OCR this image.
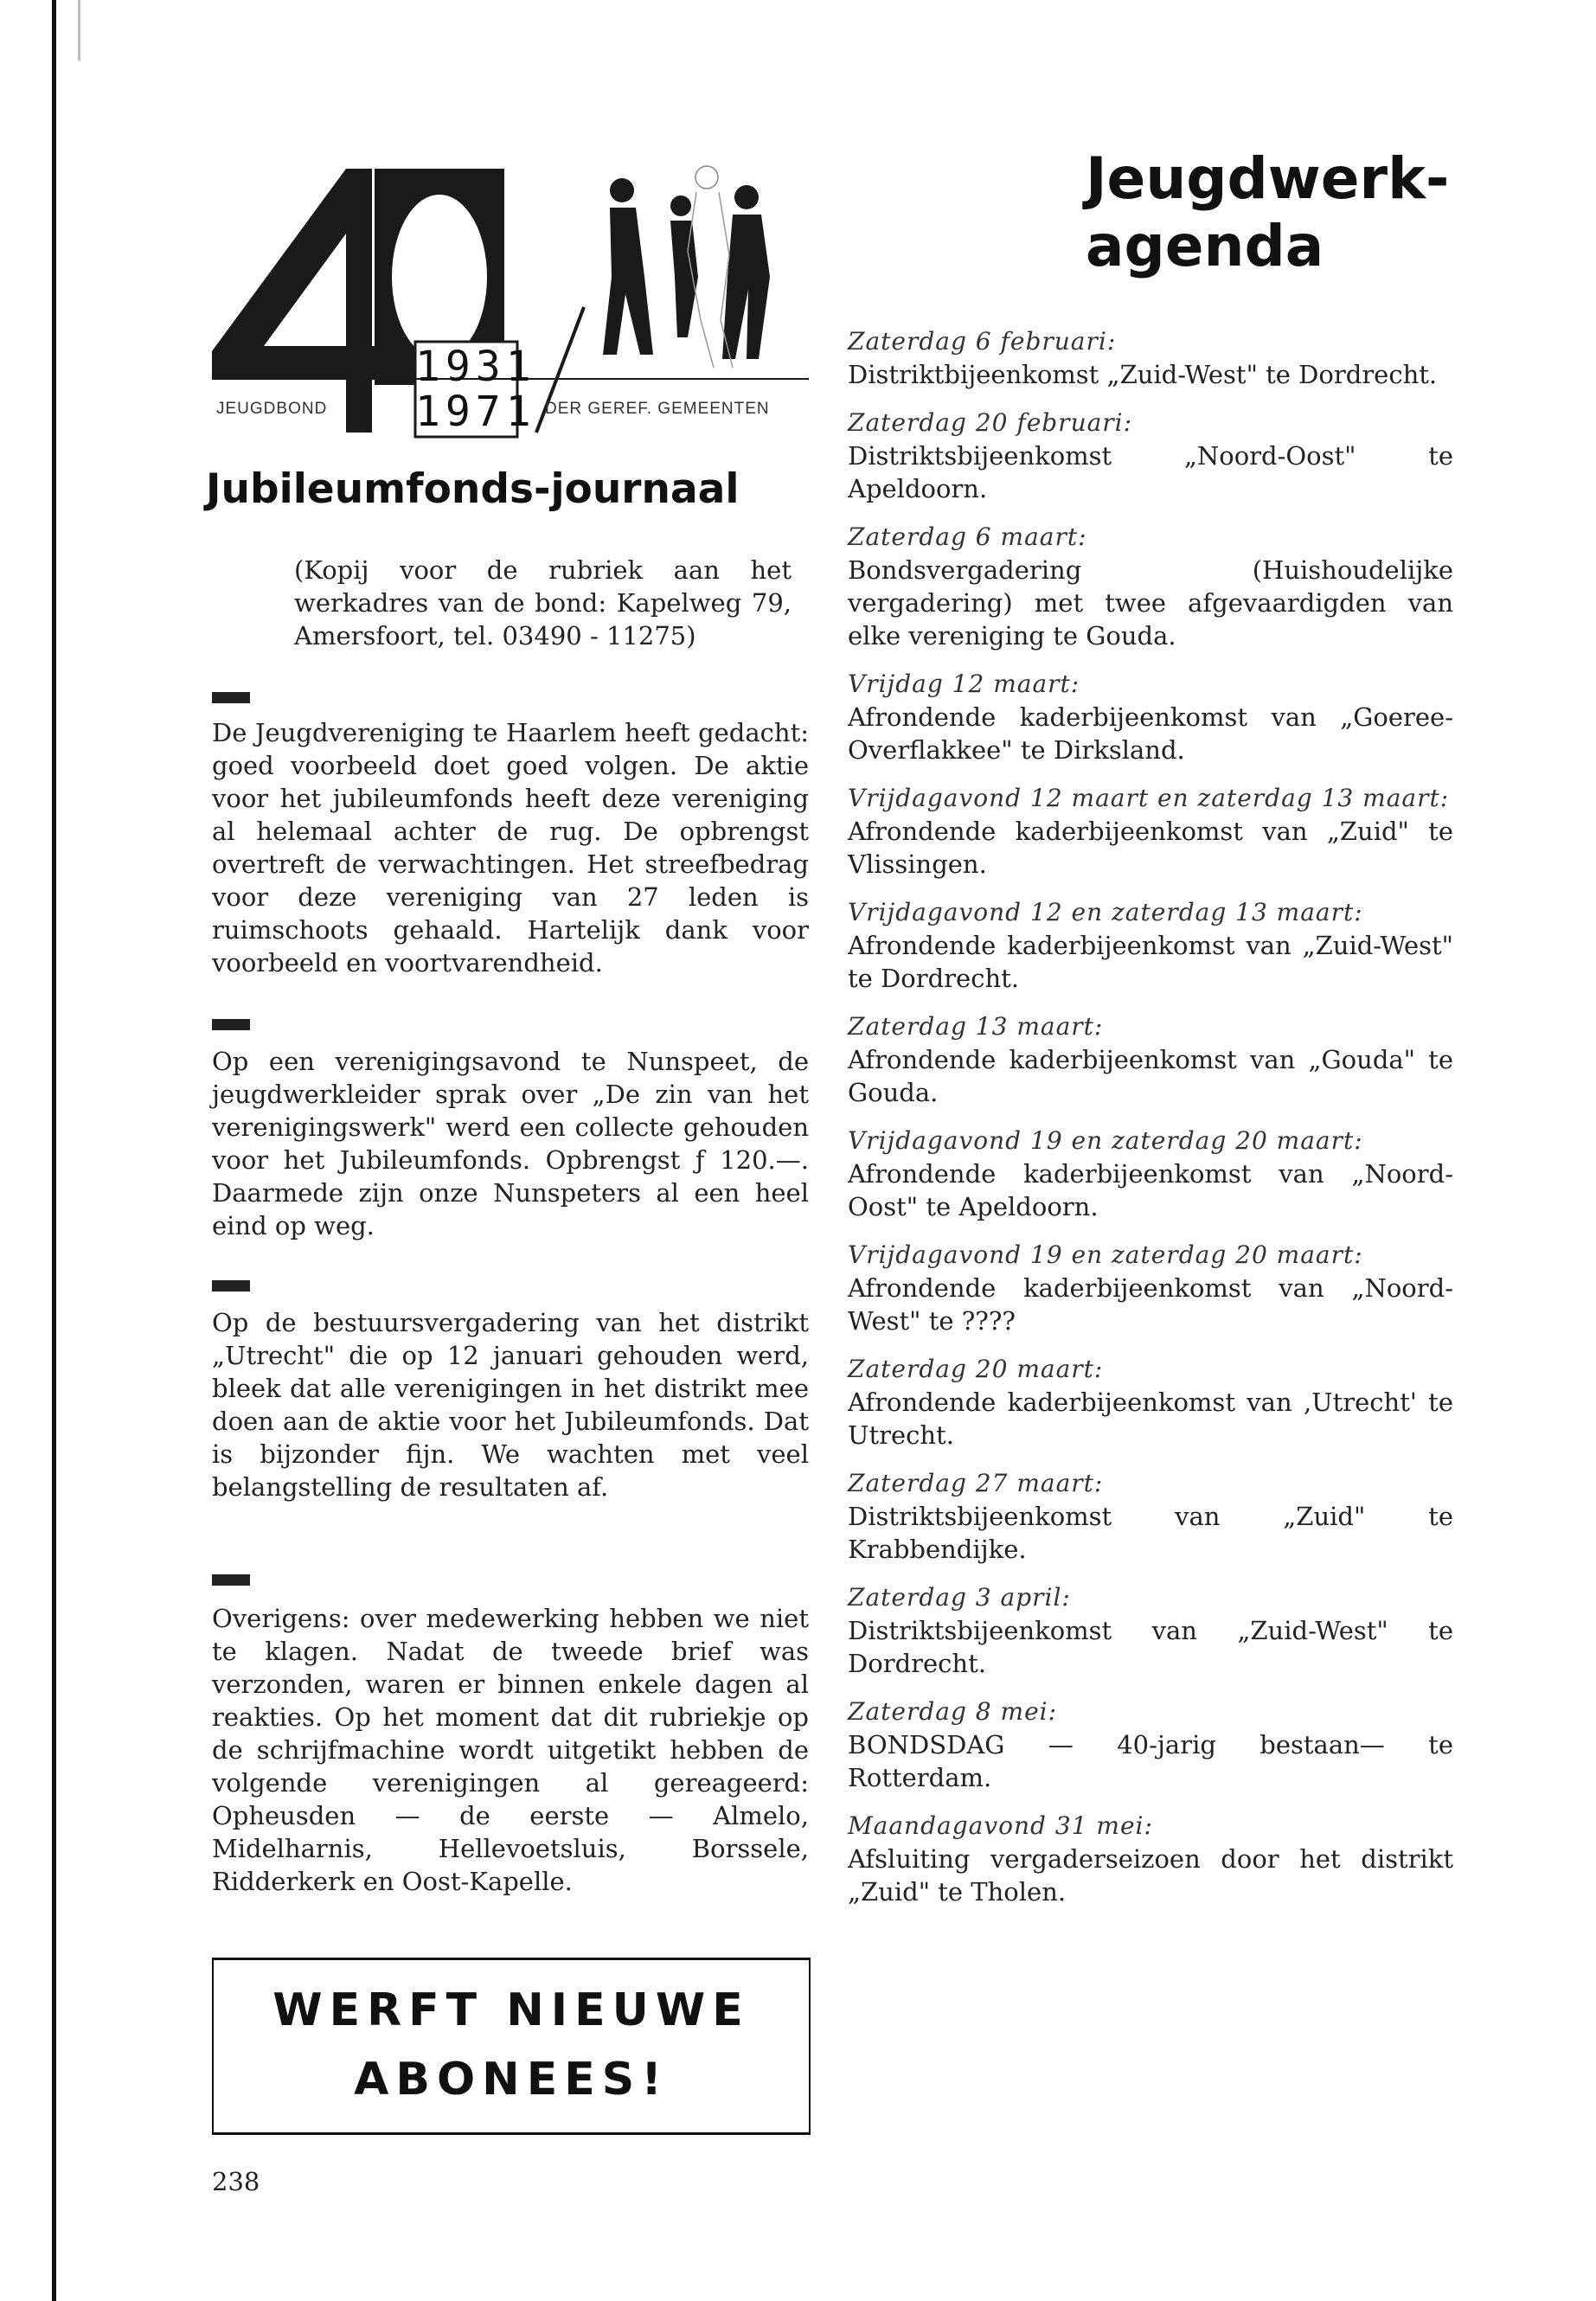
JEUGDBOND
1931
1971 DER GEREF. GEMEENTEN
Jeugdwerk-
agenda
Jubileumfonds-journaal
(Kopij voor de rubriek aan het werkadres van de bond: Kapelweg 79, Amersfoort, tel. 03490 - 11275)

De Jeugdvereniging te Haarlem heeft gedacht: goed voorbeeld doet goed volgen. De aktie voor het jubileumfonds heeft deze vereniging al helemaal achter de rug. De opbrengst overtreft de verwachtingen. Het streefbedrag voor deze vereniging van 27 leden is ruimschoots gehaald. Hartelijk dank voor voorbeeld en voortvarendheid.

Op een verenigingsavond te Nunspeet, de jeugdwerkleider sprak over „De zin van het verenigingswerk" werd een collecte gehouden voor het Jubileumfonds. Opbrengst ƒ 120.—. Daarmede zijn onze Nunspeters al een heel eind op weg.

Op de bestuursvergadering van het distrikt „Utrecht" die op 12 januari gehouden werd, bleek dat alle verenigingen in het distrikt mee doen aan de aktie voor het Jubileumfonds. Dat is bijzonder fijn. We wachten met veel belangstelling de resultaten af.

Overigens: over medewerking hebben we niet te klagen. Nadat de tweede brief was verzonden, waren er binnen enkele dagen al reakties. Op het moment dat dit rubriekje op de schrijfmachine wordt uitgetikt hebben de volgende verenigingen al gereageerd: Opheusden — de eerste — Almelo, Midelharnis, Hellevoetsluis, Borssele, Ridderkerk en Oost-Kapelle.

Zaterdag 6 februari:
Distriktbijeenkomst „Zuid-West" te Dordrecht.
Zaterdag 20 februari:
Distriktsbijeenkomst „Noord-Oost" te Apeldoorn.
Zaterdag 6 maart:
Bondsvergadering (Huishoudelijke vergadering) met twee afgevaardigden van elke vereniging te Gouda.
Vrijdag 12 maart:
Afrondende kaderbijeenkomst van „Goeree-Overflakkee" te Dirksland.
Vrijdagavond 12 maart en zaterdag 13 maart:
Afrondende kaderbijeenkomst van „Zuid" te Vlissingen.
Vrijdagavond 12 en zaterdag 13 maart:
Afrondende kaderbijeenkomst van „Zuid-West" te Dordrecht.
Zaterdag 13 maart:
Afrondende kaderbijeenkomst van „Gouda" te Gouda.
Vrijdagavond 19 en zaterdag 20 maart:
Afrondende kaderbijeenkomst van „Noord-Oost" te Apeldoorn.
Vrijdagavond 19 en zaterdag 20 maart:
Afrondende kaderbijeenkomst van „Noord-West" te ????
Zaterdag 20 maart:
Afrondende kaderbijeenkomst van ,Utrecht' te Utrecht.
Zaterdag 27 maart:
Distriktsbijeenkomst van „Zuid" te Krabbendijke.
Zaterdag 3 april:
Distriktsbijeenkomst van „Zuid-West" te Dordrecht.
Zaterdag 8 mei:
BONDSDAG — 40-jarig bestaan— te Rotterdam.
Maandagavond 31 mei:
Afsluiting vergaderseizoen door het distrikt „Zuid" te Tholen.
WERFT NIEUWE
ABONEES!
238
